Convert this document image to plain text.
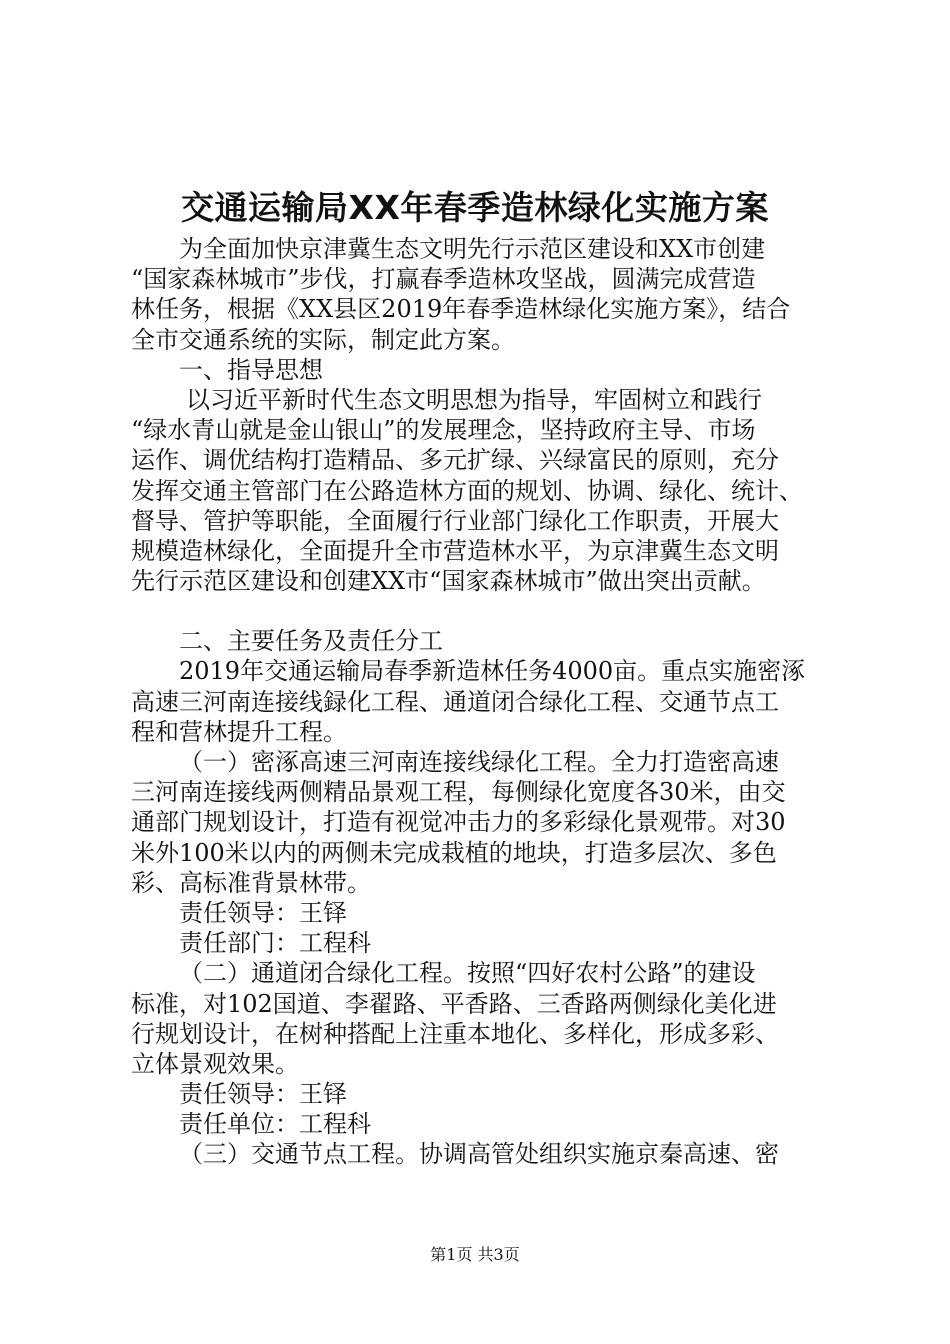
交通运输局XX年春季造林绿化实施方案
为全面加快京津冀生态文明先行示范区建设和XX市创建
“国家森林城市”步伐，打赢春季造林攻坚战，圆满完成营造
林任务，根据《XX县区2019年春季造林绿化实施方案》，结合
全市交通系统的实际，制定此方案。
一、指导思想
以习近平新时代生态文明思想为指导，牢固树立和践行
“绿水青山就是金山银山”的发展理念，坚持政府主导、市场
运作、调优结构打造精品、多元扩绿、兴绿富民的原则，充分
发挥交通主管部门在公路造林方面的规划、协调、绿化、统计、
督导、管护等职能，全面履行行业部门绿化工作职责，开展大
规模造林绿化，全面提升全市营造林水平，为京津冀生态文明
先行示范区建设和创建XX市“国家森林城市”做出突出贡献。
二、主要任务及责任分工
2019年交通运输局春季新造林任务4000亩。重点实施密涿
高速三河南连接线録化工程、通道闭合绿化工程、交通节点工
程和营林提升工程。
（一）密涿高速三河南连接线绿化工程。全力打造密高速
三河南连接线两侧精品景观工程，每侧绿化宽度各30米，由交
通部门规划设计，打造有视觉冲击力的多彩绿化景观带。对30
米外100米以内的两侧未完成栽植的地块，打造多层次、多色
彩、高标准背景林带。
责任领导：王铎
责任部门：工程科
（二）通道闭合绿化工程。按照“四好农村公路”的建设
标准，对102国道、李翟路、平香路、三香路两侧绿化美化进
行规划设计，在树种搭配上注重本地化、多样化，形成多彩、
立体景观效果。
责任领导：王铎
责任单位：工程科
（三）交通节点工程。协调高管处组织实施京秦高速、密
第1页 共3页
